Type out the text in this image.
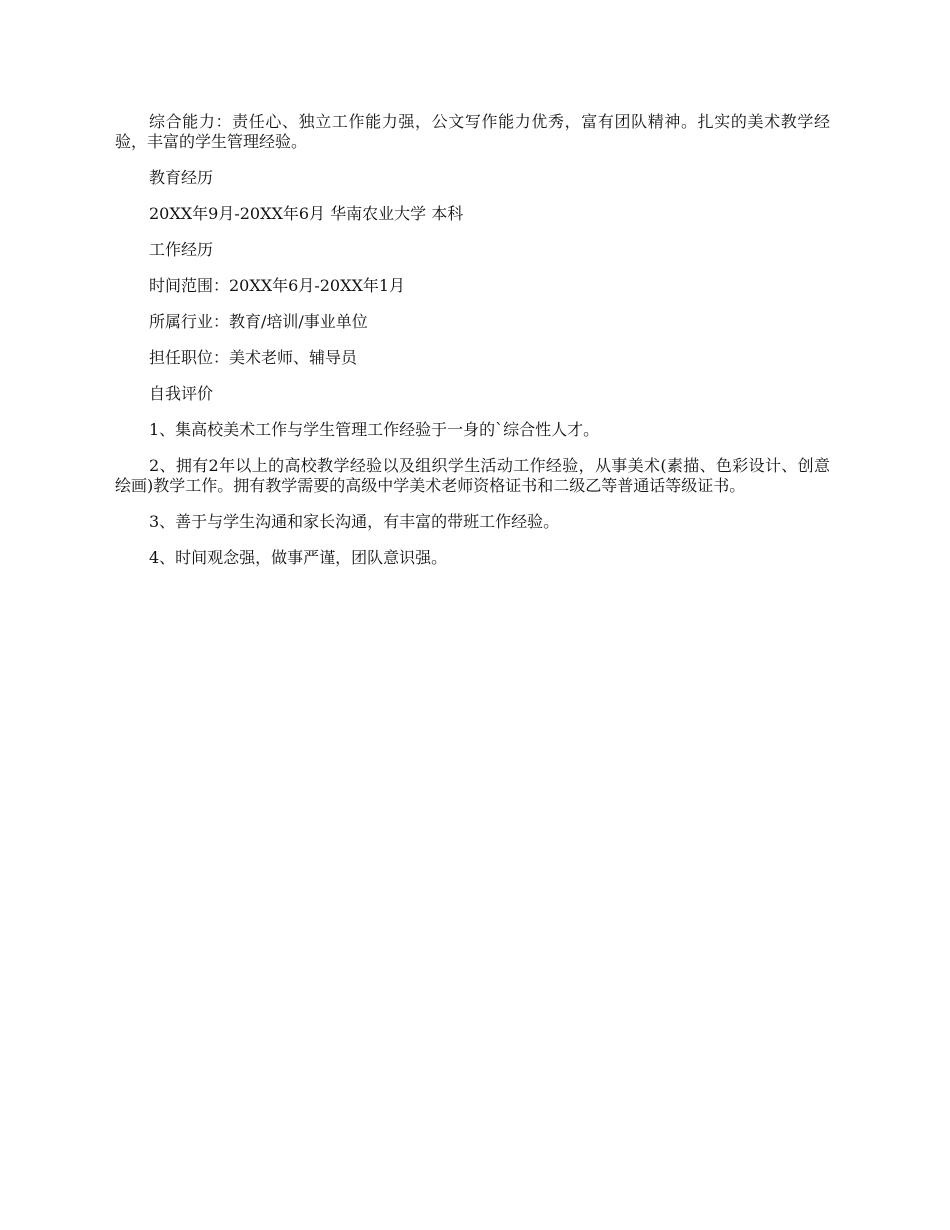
综合能力：责任心、独立工作能力强，公文写作能力优秀，富有团队精神。扎实的美术教学经验，丰富的学生管理经验。

教育经历

20XX年9月-20XX年6月 华南农业大学 本科

工作经历

时间范围：20XX年6月-20XX年1月

所属行业：教育/培训/事业单位

担任职位：美术老师、辅导员

自我评价

1、集高校美术工作与学生管理工作经验于一身的`综合性人才。

2、拥有2年以上的高校教学经验以及组织学生活动工作经验，从事美术(素描、色彩设计、创意绘画)教学工作。拥有教学需要的高级中学美术老师资格证书和二级乙等普通话等级证书。

3、善于与学生沟通和家长沟通，有丰富的带班工作经验。

4、时间观念强，做事严谨，团队意识强。
